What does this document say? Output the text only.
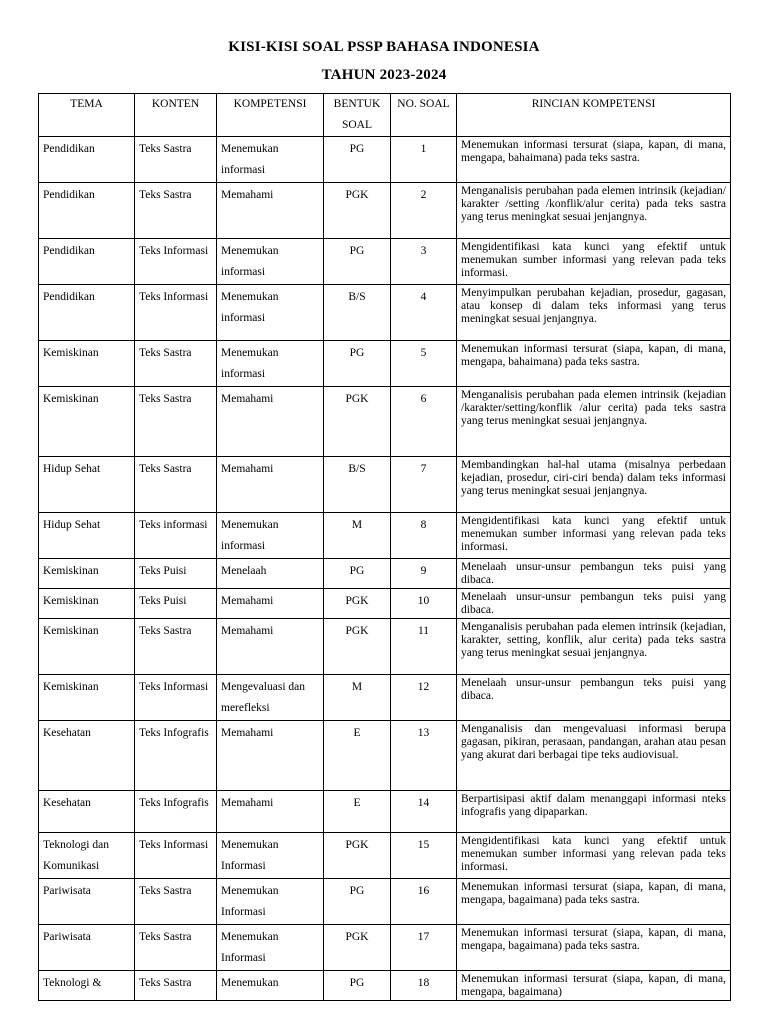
KISI-KISI SOAL PSSP BAHASA INDONESIA
TAHUN 2023-2024
TEMA	KONTEN	KOMPETENSI	BENTUK SOAL	NO. SOAL	RINCIAN KOMPETENSI
Pendidikan	Teks Sastra	Menemukan informasi	PG	1	Menemukan informasi tersurat (siapa, kapan, di mana, mengapa, bahaimana) pada teks sastra.
Pendidikan	Teks Sastra	Memahami	PGK	2	Menganalisis perubahan pada elemen intrinsik (kejadian/ karakter /setting /konflik/alur cerita) pada teks sastra yang terus meningkat sesuai jenjangnya.
Pendidikan	Teks Informasi	Menemukan informasi	PG	3	Mengidentifikasi kata kunci yang efektif untuk menemukan sumber informasi yang relevan pada teks informasi.
Pendidikan	Teks Informasi	Menemukan informasi	B/S	4	Menyimpulkan perubahan kejadian, prosedur, gagasan, atau konsep di dalam teks informasi yang terus meningkat sesuai jenjangnya.
Kemiskinan	Teks Sastra	Menemukan informasi	PG	5	Menemukan informasi tersurat (siapa, kapan, di mana, mengapa, bahaimana) pada teks sastra.
Kemiskinan	Teks Sastra	Memahami	PGK	6	Menganalisis perubahan pada elemen intrinsik (kejadian /karakter/setting/konflik /alur cerita) pada teks sastra yang terus meningkat sesuai jenjangnya.
Hidup Sehat	Teks Sastra	Memahami	B/S	7	Membandingkan hal-hal utama (misalnya perbedaan kejadian, prosedur, ciri-ciri benda) dalam teks informasi yang terus meningkat sesuai jenjangnya.
Hidup Sehat	Teks informasi	Menemukan informasi	M	8	Mengidentifikasi kata kunci yang efektif untuk menemukan sumber informasi yang relevan pada teks informasi.
Kemiskinan	Teks Puisi	Menelaah	PG	9	Menelaah unsur-unsur pembangun teks puisi yang dibaca.
Kemiskinan	Teks Puisi	Memahami	PGK	10	Menelaah unsur-unsur pembangun teks puisi yang dibaca.
Kemiskinan	Teks Sastra	Memahami	PGK	11	Menganalisis perubahan pada elemen intrinsik (kejadian, karakter, setting, konflik, alur cerita) pada teks sastra yang terus meningkat sesuai jenjangnya.
Kemiskinan	Teks Informasi	Mengevaluasi dan merefleksi	M	12	Menelaah unsur-unsur pembangun teks puisi yang dibaca.
Kesehatan	Teks Infografis	Memahami	E	13	Menganalisis dan mengevaluasi informasi berupa gagasan, pikiran, perasaan, pandangan, arahan atau pesan yang akurat dari berbagai tipe teks audiovisual.
Kesehatan	Teks Infografis	Memahami	E	14	Berpartisipasi aktif dalam menanggapi informasi nteks infografis yang dipaparkan.
Teknologi dan Komunikasi	Teks Informasi	Menemukan Informasi	PGK	15	Mengidentifikasi kata kunci yang efektif untuk menemukan sumber informasi yang relevan pada teks informasi.
Pariwisata	Teks Sastra	Menemukan Informasi	PG	16	Menemukan informasi tersurat (siapa, kapan, di mana, mengapa, bagaimana) pada teks sastra.
Pariwisata	Teks Sastra	Menemukan Informasi	PGK	17	Menemukan informasi tersurat (siapa, kapan, di mana, mengapa, bagaimana) pada teks sastra.
Teknologi &	Teks Sastra	Menemukan	PG	18	Menemukan informasi tersurat (siapa, kapan, di mana, mengapa, bagaimana)
